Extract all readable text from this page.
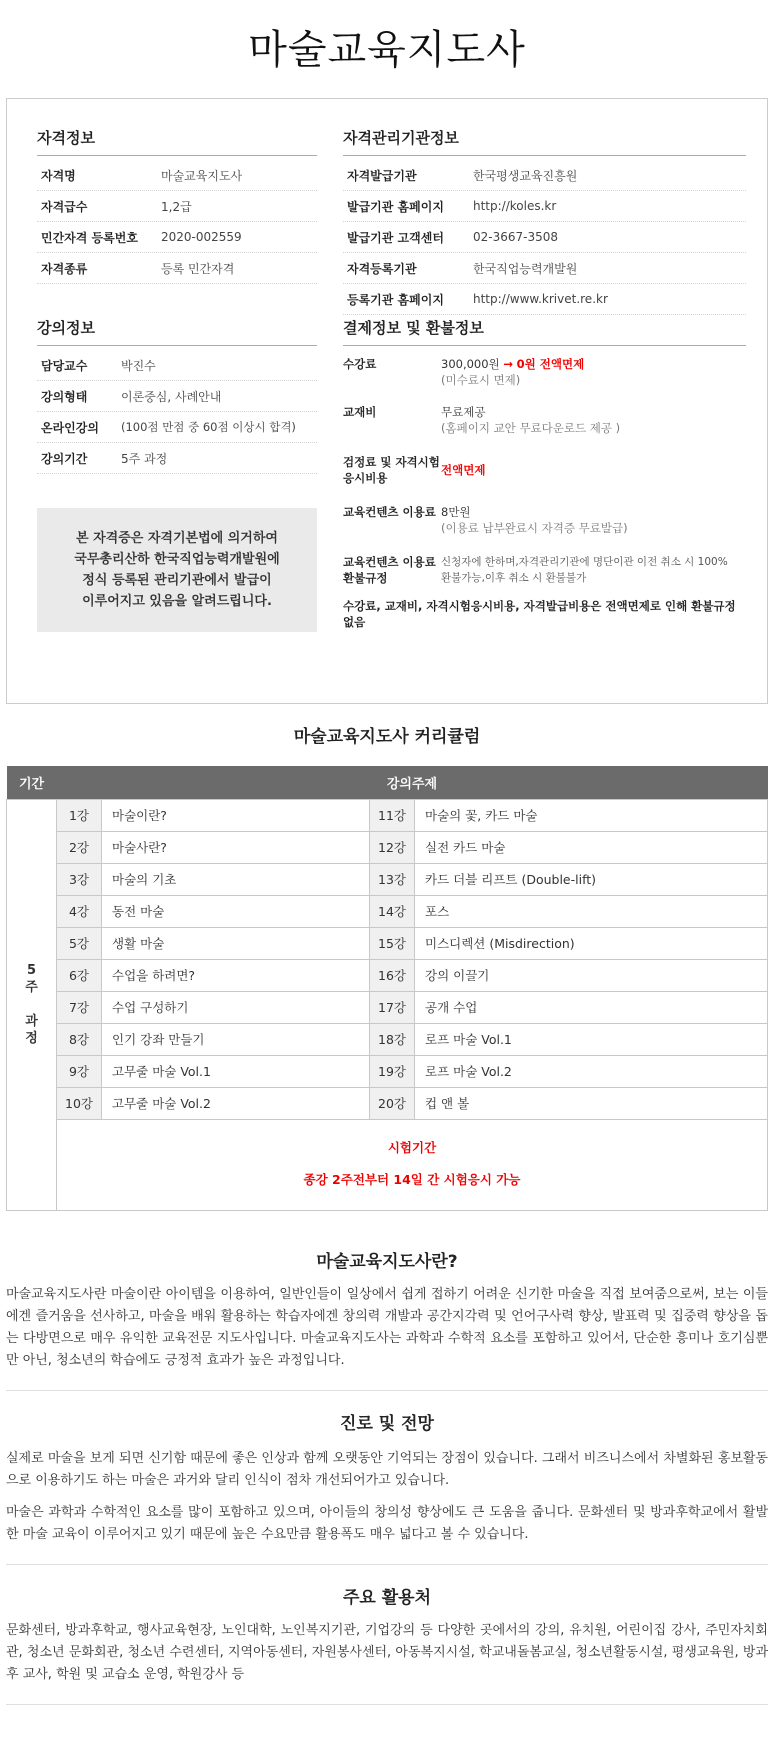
마술교육지도사
자격정보
자격명	마술교육지도사
자격급수	1,2급
민간자격 등록번호	2020-002559
자격종류	등록 민간자격
자격관리기관정보
자격발급기관	한국평생교육진흥원
발급기관 홈페이지	http://koles.kr
발급기관 고객센터	02-3667-3508
자격등록기관	한국직업능력개발원
등록기관 홈페이지	http://www.krivet.re.kr
강의정보
담당교수	박진수
강의형태	이론중심, 사례안내
온라인강의	(100점 만점 중 60점 이상시 합격)
강의기간	5주 과정
본 자격증은 자격기본법에 의거하여
국무총리산하 한국직업능력개발원에
정식 등록된 관리기관에서 발급이
이루어지고 있음을 알려드립니다.
결제정보 및 환불정보
수강료	300,000원 → 0원 전액면제
(미수료시 면제)
교재비	무료제공
(홈페이지 교안 무료다운로드 제공 )
검정료 및 자격시험 응시비용
전액면제
교육컨텐츠 이용료 8만원
(이용료 납부완료시 자격증 무료발급)
교육컨텐츠 이용료 환불규정
신청자에 한하며,자격관리기관에 명단이관 이전 취소 시 100% 환불가능,이후 취소 시 환불불가
수강료, 교재비, 자격시험응시비용, 자격발급비용은 전액면제로 인해 환불규정 없음
마술교육지도사 커리큘럼
기간	강의주제			
5
주

과
정	1강	마술이란?	11강	마술의 꽃, 카드 마술
	2강	마술사란?	12강	실전 카드 마술
	3강	마술의 기초	13강	카드 더블 리프트 (Double-lift)
	4강	동전 마술	14강	포스
	5강	생활 마술	15강	미스디렉션 (Misdirection)
	6강	수업을 하려면?	16강	강의 이끌기
	7강	수업 구성하기	17강	공개 수업
	8강	인기 강좌 만들기	18강	로프 마술 Vol.1
	9강	고무줄 마술 Vol.1	19강	로프 마술 Vol.2
	10강	고무줄 마술 Vol.2	20강	컵 앤 볼

	시험기간
종강 2주전부터 14일 간 시험응시 가능			
마술교육지도사란?
마술교육지도사란 마술이란 아이템을 이용하여, 일반인들이 일상에서 쉽게 접하기 어려운 신기한 마술을 직접 보여줌으로써, 보는 이들에겐 즐거움을 선사하고, 마술을 배워 활용하는 학습자에겐 창의력 개발과 공간지각력 및 언어구사력 향상, 발표력 및 집중력 향상을 돕는 다방면으로 매우 유익한 교육전문 지도사입니다. 마술교육지도사는 과학과 수학적 요소를 포함하고 있어서, 단순한 흥미나 호기심뿐만 아닌, 청소년의 학습에도 긍정적 효과가 높은 과정입니다.
진로 및 전망
실제로 마술을 보게 되면 신기함 때문에 좋은 인상과 함께 오랫동안 기억되는 장점이 있습니다. 그래서 비즈니스에서 차별화된 홍보활동으로 이용하기도 하는 마술은 과거와 달리 인식이 점차 개선되어가고 있습니다.
마술은 과학과 수학적인 요소를 많이 포함하고 있으며, 아이들의 창의성 향상에도 큰 도움을 줍니다. 문화센터 및 방과후학교에서 활발한 마술 교육이 이루어지고 있기 때문에 높은 수요만큼 활용폭도 매우 넓다고 볼 수 있습니다.
주요 활용처
문화센터, 방과후학교, 행사교육현장, 노인대학, 노인복지기관, 기업강의 등 다양한 곳에서의 강의, 유치원, 어린이집 강사, 주민자치회관, 청소년 문화회관, 청소년 수련센터, 지역아동센터, 자원봉사센터, 아동복지시설, 학교내돌봄교실, 청소년활동시설, 평생교육원, 방과후 교사, 학원 및 교습소 운영, 학원강사 등
